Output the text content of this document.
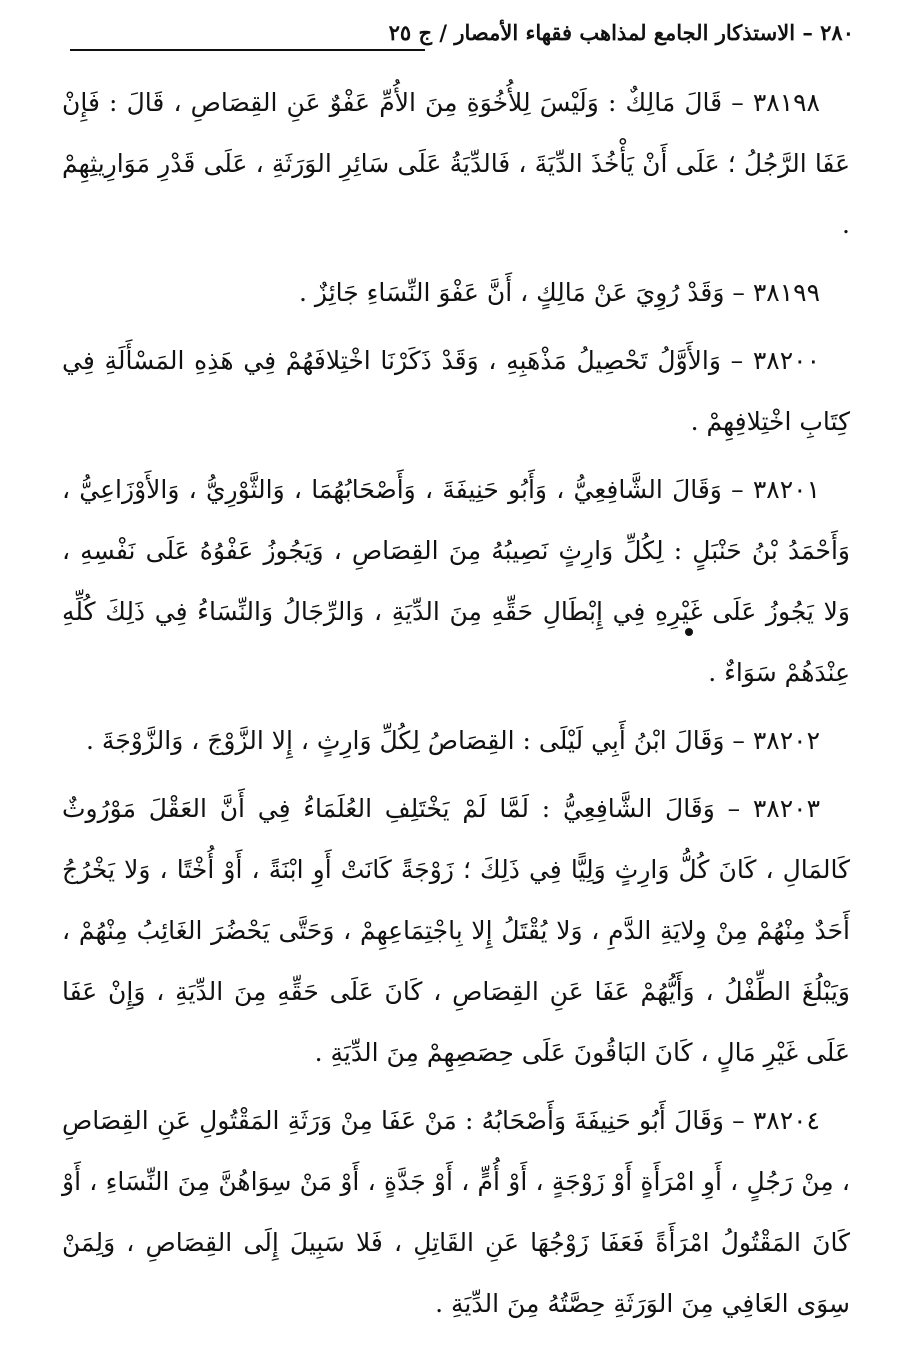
٢٨٠ – الاستذكار الجامع لمذاهب فقهاء الأمصار / ج ٢٥

٣٨١٩٨ – قَالَ مَالِكٌ : وَلَيْسَ لِلأُخُوَةِ مِنَ الأُمِّ عَفْوٌ عَنِ القِصَاصِ ، قَالَ : فَإِنْ عَفَا الرَّجُلُ ؛ عَلَى أَنْ يَأْخُذَ الدِّيَةَ ، فَالدِّيَةُ عَلَى سَائِرِ الوَرَثَةِ ، عَلَى قَدْرِ مَوَارِيثِهِمْ .

٣٨١٩٩ – وَقَدْ رُوِيَ عَنْ مَالِكٍ ، أَنَّ عَفْوَ النِّسَاءِ جَائِزٌ .

٣٨٢٠٠ – وَالأَوَّلُ تَحْصِيلُ مَذْهَبِهِ ، وَقَدْ ذَكَرْنَا اخْتِلافَهُمْ فِي هَذِهِ المَسْأَلَةِ فِي كِتَابِ اخْتِلافِهِمْ .

٣٨٢٠١ – وَقَالَ الشَّافِعِيُّ ، وَأَبُو حَنِيفَةَ ، وَأَصْحَابُهُمَا ، وَالثَّوْرِيُّ ، وَالأَوْزَاعِيُّ ، وَأَحْمَدُ بْنُ حَنْبَلٍ : لِكُلِّ وَارِثٍ نَصِيبُهُ مِنَ القِصَاصِ ، وَيَجُوزُ عَفْوُهُ عَلَى نَفْسِهِ ، وَلا يَجُوزُ عَلَى غَيْرِهِ فِي إِبْطَالِ حَقِّهِ مِنَ الدِّيَةِ ، وَالرِّجَالُ وَالنِّسَاءُ فِي ذَلِكَ كُلِّهِ عِنْدَهُمْ سَوَاءٌ .

٣٨٢٠٢ – وَقَالَ ابْنُ أَبِي لَيْلَى : القِصَاصُ لِكُلِّ وَارِثٍ ، إِلا الزَّوْجَ ، وَالزَّوْجَةَ .

٣٨٢٠٣ – وَقَالَ الشَّافِعِيُّ : لَمَّا لَمْ يَخْتَلِفِ العُلَمَاءُ فِي أَنَّ العَقْلَ مَوْرُوثٌ كَالمَالِ ، كَانَ كُلُّ وَارِثٍ وَلِيًّا فِي ذَلِكَ ؛ زَوْجَةً كَانَتْ أَوِ ابْنَةً ، أَوْ أُخْتًا ، وَلا يَخْرُجُ أَحَدٌ مِنْهُمْ مِنْ وِلايَةِ الدَّمِ ، وَلا يُقْتَلُ إِلا بِاجْتِمَاعِهِمْ ، وَحَتَّى يَحْضُرَ الغَائِبُ مِنْهُمْ ، وَيَبْلُغَ الطِّفْلُ ، وَأَيُّهُمْ عَفَا عَنِ القِصَاصِ ، كَانَ عَلَى حَقِّهِ مِنَ الدِّيَةِ ، وَإِنْ عَفَا عَلَى غَيْرِ مَالٍ ، كَانَ البَاقُونَ عَلَى حِصَصِهِمْ مِنَ الدِّيَةِ .

٣٨٢٠٤ – وَقَالَ أَبُو حَنِيفَةَ وَأَصْحَابُهُ : مَنْ عَفَا مِنْ وَرَثَةِ المَقْتُولِ عَنِ القِصَاصِ ، مِنْ رَجُلٍ ، أَوِ امْرَأَةٍ أَوْ زَوْجَةٍ ، أَوْ أُمٍّ ، أَوْ جَدَّةٍ ، أَوْ مَنْ سِوَاهُنَّ مِنَ النِّسَاءِ ، أَوْ كَانَ المَقْتُولُ امْرَأَةً فَعَفَا زَوْجُهَا عَنِ القَاتِلِ ، فَلا سَبِيلَ إِلَى القِصَاصِ ، وَلِمَنْ سِوَى العَافِي مِنَ الوَرَثَةِ حِصَّتُهُ مِنَ الدِّيَةِ .
